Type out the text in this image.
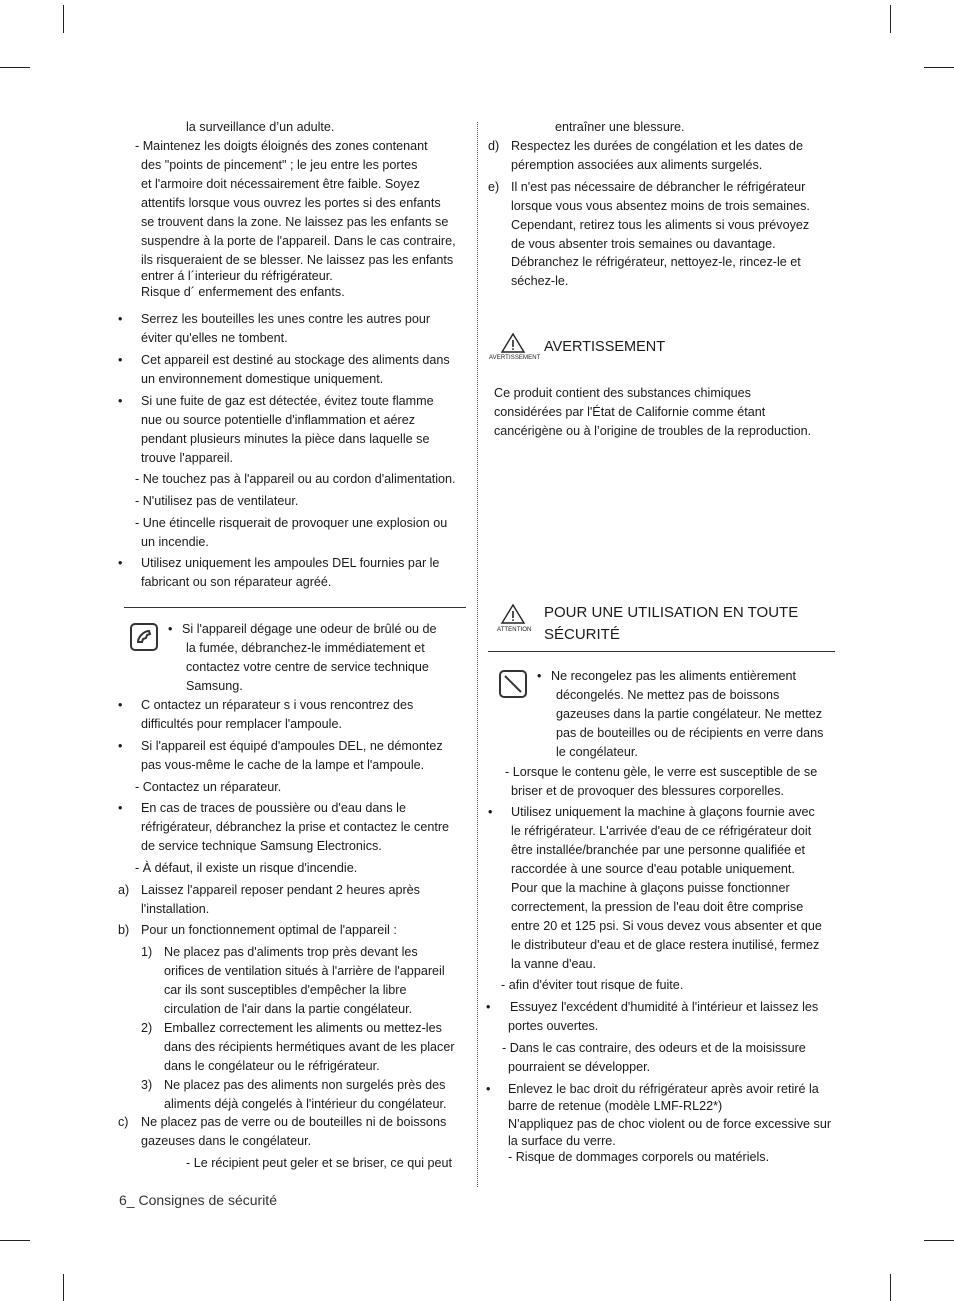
la surveillance d’un adulte.
- Maintenez les doigts éloignés des zones contenant
des "points de pincement" ; le jeu entre les portes
et l'armoire doit nécessairement être faible. Soyez
attentifs lorsque vous ouvrez les portes si des enfants
se trouvent dans la zone. Ne laissez pas les enfants se
suspendre à la porte de l'appareil. Dans le cas contraire,
ils risqueraient de se blesser. Ne laissez pas les enfants
entrer á l´interieur du réfrigérateur.
Risque d´ enfermement des enfants.
• Serrez les bouteilles les unes contre les autres pour
éviter qu'elles ne tombent.
• Cet appareil est destiné au stockage des aliments dans
un environnement domestique uniquement.
• Si une fuite de gaz est détectée, évitez toute flamme
nue ou source potentielle d'inflammation et aérez
pendant plusieurs minutes la pièce dans laquelle se
trouve l'appareil.
- Ne touchez pas à l'appareil ou au cordon d'alimentation.
- N'utilisez pas de ventilateur.
- Une étincelle risquerait de provoquer une explosion ou
un incendie.
• Utilisez uniquement les ampoules DEL fournies par le
fabricant ou son réparateur agréé.
• Si l'appareil dégage une odeur de brûlé ou de
la fumée, débranchez-le immédiatement et
contactez votre centre de service technique
Samsung.
• C ontactez un réparateur s i vous rencontrez des
difficultés pour remplacer l'ampoule.
• Si l'appareil est équipé d'ampoules DEL, ne démontez
pas vous-même le cache de la lampe et l'ampoule.
- Contactez un réparateur.
• En cas de traces de poussière ou d'eau dans le
réfrigérateur, débranchez la prise et contactez le centre
de service technique Samsung Electronics.
- À défaut, il existe un risque d'incendie.
a) Laissez l'appareil reposer pendant 2 heures après
l'installation.
b) Pour un fonctionnement optimal de l'appareil :
1) Ne placez pas d'aliments trop près devant les
orifices de ventilation situés à l'arrière de l'appareil
car ils sont susceptibles d'empêcher la libre
circulation de l'air dans la partie congélateur.
2) Emballez correctement les aliments ou mettez-les
dans des récipients hermétiques avant de les placer
dans le congélateur ou le réfrigérateur.
3) Ne placez pas des aliments non surgelés près des
aliments déjà congelés à l'intérieur du congélateur.
c) Ne placez pas de verre ou de bouteilles ni de boissons
gazeuses dans le congélateur.
- Le récipient peut geler et se briser, ce qui peut
entraîner une blessure.
d) Respectez les durées de congélation et les dates de
péremption associées aux aliments surgelés.
e) Il n'est pas nécessaire de débrancher le réfrigérateur
lorsque vous vous absentez moins de trois semaines.
Cependant, retirez tous les aliments si vous prévoyez
de vous absenter trois semaines ou davantage.
Débranchez le réfrigérateur, nettoyez-le, rincez-le et
séchez-le.
AVERTISSEMENT
AVERTISSEMENT
Ce produit contient des substances chimiques
considérées par l'État de Californie comme étant
cancérigène ou à l’origine de troubles de la reproduction.
ATTENTION
POUR UNE UTILISATION EN TOUTE
SÉCURITÉ
• Ne recongelez pas les aliments entièrement
décongelés. Ne mettez pas de boissons
gazeuses dans la partie congélateur. Ne mettez
pas de bouteilles ou de récipients en verre dans
le congélateur.
- Lorsque le contenu gèle, le verre est susceptible de se
briser et de provoquer des blessures corporelles.
• Utilisez uniquement la machine à glaçons fournie avec
le réfrigérateur. L'arrivée d'eau de ce réfrigérateur doit
être installée/branchée par une personne qualifiée et
raccordée à une source d'eau potable uniquement.
Pour que la machine à glaçons puisse fonctionner
correctement, la pression de l'eau doit être comprise
entre 20 et 125 psi. Si vous devez vous absenter et que
le distributeur d'eau et de glace restera inutilisé, fermez
la vanne d'eau.
- afin d'éviter tout risque de fuite.
• Essuyez l'excédent d'humidité à l'intérieur et laissez les
portes ouvertes.
- Dans le cas contraire, des odeurs et de la moisissure
pourraient se développer.
• Enlevez le bac droit du réfrigérateur après avoir retiré la
barre de retenue (modèle LMF-RL22*)
N'appliquez pas de choc violent ou de force excessive sur
la surface du verre.
- Risque de dommages corporels ou matériels.
6_ Consignes de sécurité
